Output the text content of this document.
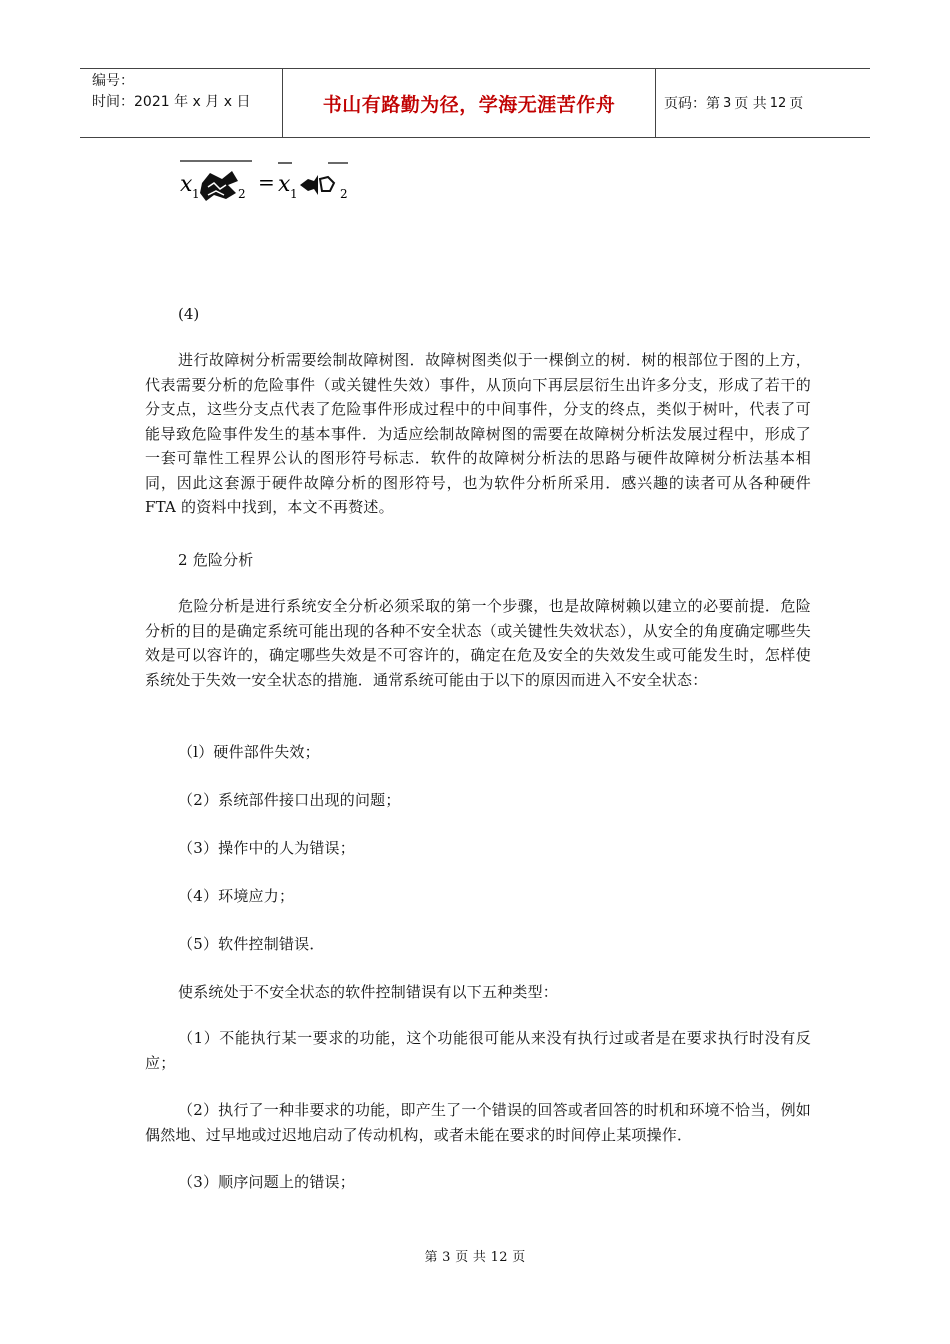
编号：
时间：2021 年 x 月 x 日	书山有路勤为径，学海无涯苦作舟	页码：第 3 页 共 12 页
x 1	2 = x 1	2
(4)

进行故障树分析需要绘制故障树图．故障树图类似于一棵倒立的树．树的根部位于图的上方，代表需要分析的危险事件（或关键性失效）事件，从顶向下再层层衍生出许多分支，形成了若干的分支点，这些分支点代表了危险事件形成过程中的中间事件，分支的终点，类似于树叶，代表了可能导致危险事件发生的基本事件．为适应绘制故障树图的需要在故障树分析法发展过程中，形成了一套可靠性工程界公认的图形符号标志．软件的故障树分析法的思路与硬件故障树分析法基本相同，因此这套源于硬件故障分析的图形符号，也为软件分析所采用．感兴趣的读者可从各种硬件 FTA 的资料中找到，本文不再赘述。

2 危险分析

危险分析是进行系统安全分析必须采取的第一个步骤，也是故障树赖以建立的必要前提．危险分析的目的是确定系统可能出现的各种不安全状态（或关键性失效状态），从安全的角度确定哪些失效是可以容许的，确定哪些失效是不可容许的，确定在危及安全的失效发生或可能发生时，怎样使系统处于失效一安全状态的措施．通常系统可能由于以下的原因而进入不安全状态：

（l）硬件部件失效；

（2）系统部件接口出现的问题；

（3）操作中的人为错误；

（4）环境应力；

（5）软件控制错误．

使系统处于不安全状态的软件控制错误有以下五种类型：

（1）不能执行某一要求的功能，这个功能很可能从来没有执行过或者是在要求执行时没有反应；

（2）执行了一种非要求的功能，即产生了一个错误的回答或者回答的时机和环境不恰当，例如偶然地、过早地或过迟地启动了传动机构，或者未能在要求的时间停止某项操作．

（3）顺序问题上的错误；

第 3 页 共 12 页
